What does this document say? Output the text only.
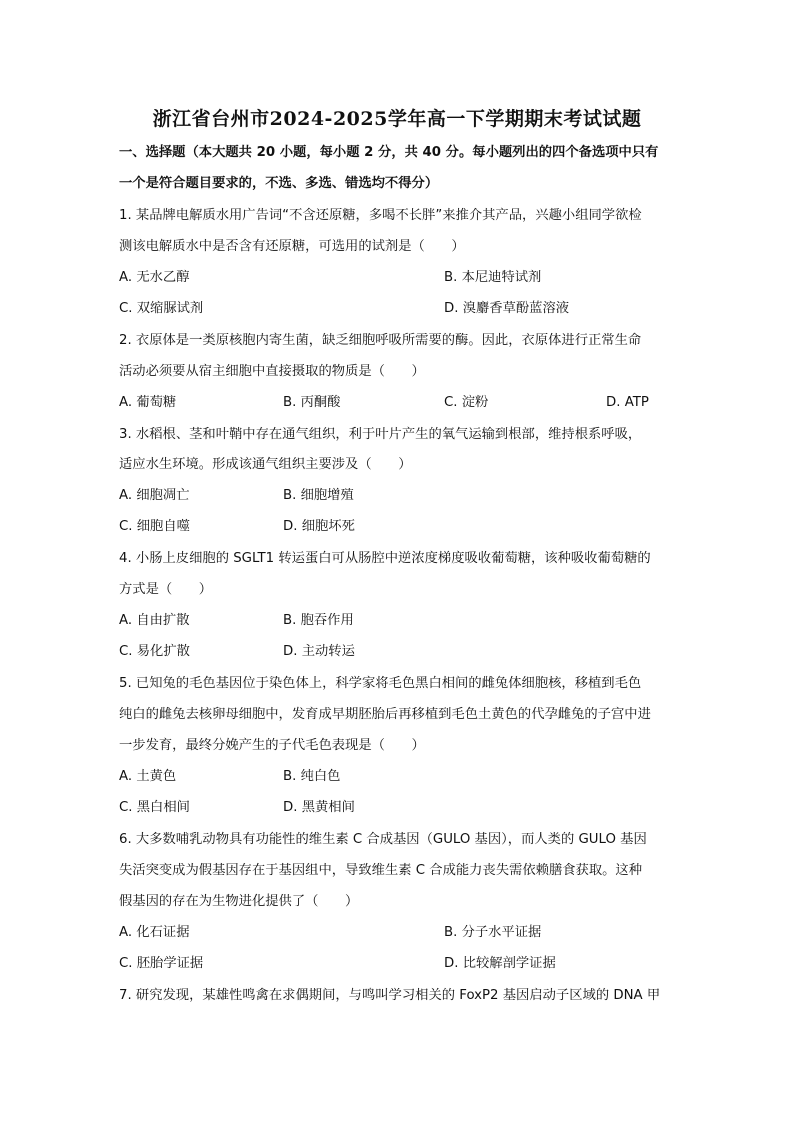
浙江省台州市2024-2025学年高一下学期期末考试试题
一、选择题（本大题共 20 小题，每小题 2 分，共 40 分。每小题列出的四个备选项中只有
一个是符合题目要求的，不选、多选、错选均不得分）
1. 某品牌电解质水用广告词“不含还原糖，多喝不长胖”来推介其产品，兴趣小组同学欲检
测该电解质水中是否含有还原糖，可选用的试剂是（　　）
A. 无水乙醇	B. 本尼迪特试剂
C. 双缩脲试剂	D. 溴麝香草酚蓝溶液
2. 衣原体是一类原核胞内寄生菌，缺乏细胞呼吸所需要的酶。因此，衣原体进行正常生命
活动必须要从宿主细胞中直接摄取的物质是（　　）
A. 葡萄糖	B. 丙酮酸	C. 淀粉	D. ATP
3. 水稻根、茎和叶鞘中存在通气组织，利于叶片产生的氧气运输到根部，维持根系呼吸，
适应水生环境。形成该通气组织主要涉及（　　）
A. 细胞凋亡	B. 细胞增殖
C. 细胞自噬	D. 细胞坏死
4. 小肠上皮细胞的 SGLT1 转运蛋白可从肠腔中逆浓度梯度吸收葡萄糖，该种吸收葡萄糖的
方式是（　　）
A. 自由扩散	B. 胞吞作用
C. 易化扩散	D. 主动转运
5. 已知兔的毛色基因位于染色体上，科学家将毛色黑白相间的雌兔体细胞核，移植到毛色
纯白的雌兔去核卵母细胞中，发育成早期胚胎后再移植到毛色土黄色的代孕雌兔的子宫中进
一步发育，最终分娩产生的子代毛色表现是（　　）
A. 土黄色	B. 纯白色
C. 黑白相间	D. 黑黄相间
6. 大多数哺乳动物具有功能性的维生素 C 合成基因（GULO 基因），而人类的 GULO 基因
失活突变成为假基因存在于基因组中，导致维生素 C 合成能力丧失需依赖膳食获取。这种
假基因的存在为生物进化提供了（　　）
A. 化石证据	B. 分子水平证据
C. 胚胎学证据	D. 比较解剖学证据
7. 研究发现，某雄性鸣禽在求偶期间，与鸣叫学习相关的 FoxP2 基因启动子区域的 DNA 甲
